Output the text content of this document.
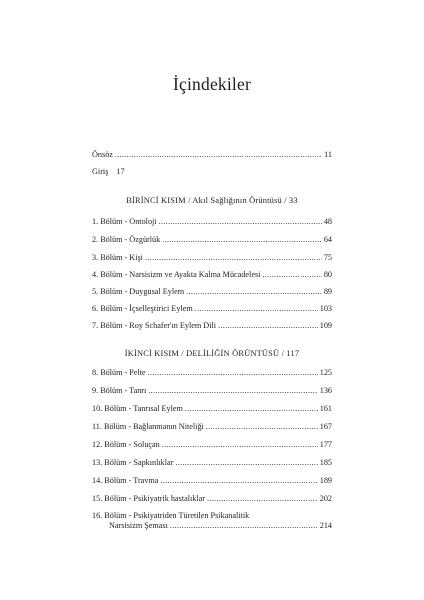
İçindekiler
Önsöz .....	11
Giriş 17
BİRİNCİ KISIM / Akıl Sağlığının Örüntüsü / 33
1. Bölüm - Ontoloji .....	48
2. Bölüm - Özgürlük .....	64
3. Bölüm - Kişi .....	75
4. Bölüm - Narsisizm ve Ayakta Kalma Mücadelesi .....	80
5. Bölüm - Duygusal Eylem .....	89
6. Bölüm - İçselleştirici Eylem .....	103
7. Bölüm - Roy Schafer'ın Eylem Dili .....	109
İKİNCİ KISIM / DELİLİĞİN ÖRÜNTÜSÜ / 117
8. Bölüm - Pelte .....	125
9. Bölüm - Tanrı .....	136
10. Bölüm - Tanrısal Eylem .....	161
11. Bölüm - Bağlanmanın Niteliği .....	167
12. Bölüm - Soluçan .....	177
13. Bölüm - Sapkınlıklar .....	185
14. Bölüm - Travma .....	189
15. Bölüm - Psikiyatrik hastalıklar .....	202
16. Bölüm - Psikiyatriden Türetilen Psikanalitik
Narsisizm Şeması .....	214
